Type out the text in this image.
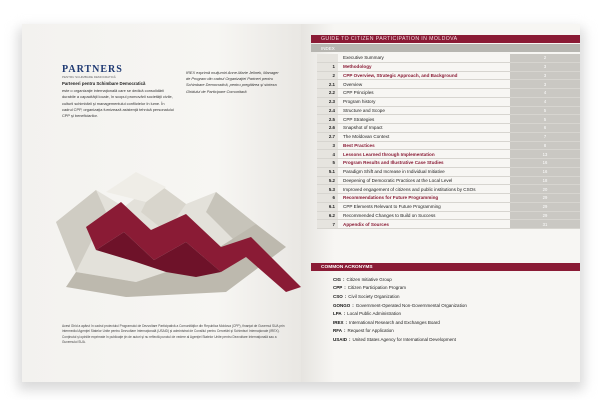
PARTNERS
PENTRU SCHIMBARE DEMOCRATICĂ
Parteneri pentru Schimbare Democratică
este o organizaţie internaţională care se dedică consolidării durabile a capacităţii locale, în scopul promovării societăţii civile, culturii schimbării şi managementului conflictelor în lume. În cadrul CPP, organizaţia furnizează asistenţă tehnică personalului CPP şi beneficiarilor.
IREX exprimă mulţumiri Anne-Marie Jelinek, Manager de Program din cadrul Organizaţiei Partneri pentru Schimbare Democratică, pentru pregătirea şi sinteza Ghidului de Participare Comunitară
Acest Ghid a apărut în cadrul proiectului Programului de Dezvoltare Participativă a Comunităţilor din Republica Moldova (CPP), finanţat de Guvernul SUA prin intermediul Agenţiei Statelor Unite pentru Dezvoltare Internaţională (USAID) şi administrat de Consiliul pentru Cercetări şi Schimburi Internaţionale (IREX). Conţinutul şi opiniile exprimate în publicaţie ţin de autori şi nu reflectă punctul de vedere al Agenţiei Statelor Unite pentru Dezvoltare Internaţională sau a Guvernului SUA.
GUIDE TO CITIZEN PARTICIPATION IN MOLDOVA
INDEX
Executive Summary	2
1	Methodology	3
2	CPP Overview, Strategic Approach, and Background	3
2.1	Overview	3
2.2	CPP Principles	4
2.3	Program history	4
2.4	Structure and Scope	5
2.5	CPP Strategies	5
2.6	Snapshot of Impact	6
2.7	The Moldovan Context	7
3	Best Practices	8
4	Lessons Learned through Implementation	13
5	Program Results and Illustrative Case Studies	16
5.1	Paradigm Shift and Increase in Individual Initiative	16
5.2	Deepening of Democratic Practices at the Local Level	18
5.3	Improved engagement of citizens and public institutions by CSOs	20
6	Recommendations for Future Programming	29
6.1	CPP Elements Relevant to Future Programming	29
6.2	Recommended Changes to Build on Success	29
7	Appendix of Sources	31
COMMON ACRONYMS
CIG : Citizen Initiative Group
CPP : Citizen Participation Program
CSO : Civil Society Organization
GONGO : Government-Operated Non-Governmental Organization
LPA : Local Public Administration
IREX : International Research and Exchanges Board
RFA : Request for Application
USAID : United States Agency for International Development
